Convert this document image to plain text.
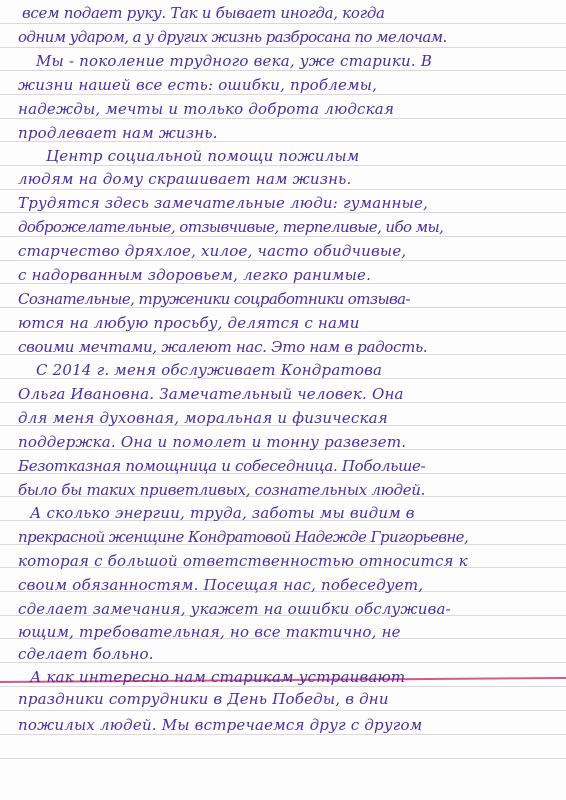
всем подает руку. Так и бывает иногда, когда
одним ударом, а у других жизнь разбросана по мелочам.
Мы - поколение трудного века, уже старики. В
жизни нашей все есть: ошибки, проблемы,
надежды, мечты и только доброта людская
продлевает нам жизнь.
Центр социальной помощи пожилым
людям на дому скрашивает нам жизнь.
Трудятся здесь замечательные люди: гуманные,
доброжелательные, отзывчивые, терпеливые, ибо мы,
старчество дряхлое, хилое, часто обидчивые,
с надорванным здоровьем, легко ранимые.
Сознательные, труженики соцработники отзыва-
ются на любую просьбу, делятся с нами
своими мечтами, жалеют нас. Это нам в радость.
С 2014 г. меня обслуживает Кондратова
Ольга Ивановна. Замечательный человек. Она
для меня духовная, моральная и физическая
поддержка. Она и помолет и тонну развезет.
Безотказная помощница и собеседница. Побольше-
было бы таких приветливых, сознательных людей.
А сколько энергии, труда, заботы мы видим в
прекрасной женщине Кондратовой Надежде Григорьевне,
которая с большой ответственностью относится к
своим обязанностям. Посещая нас, побеседует,
сделает замечания, укажет на ошибки обслужива-
ющим, требовательная, но все тактично, не
сделает больно.
А как интересно нам старикам устраивают
праздники сотрудники в День Победы, в дни
пожилых людей. Мы встречаемся друг с другом
